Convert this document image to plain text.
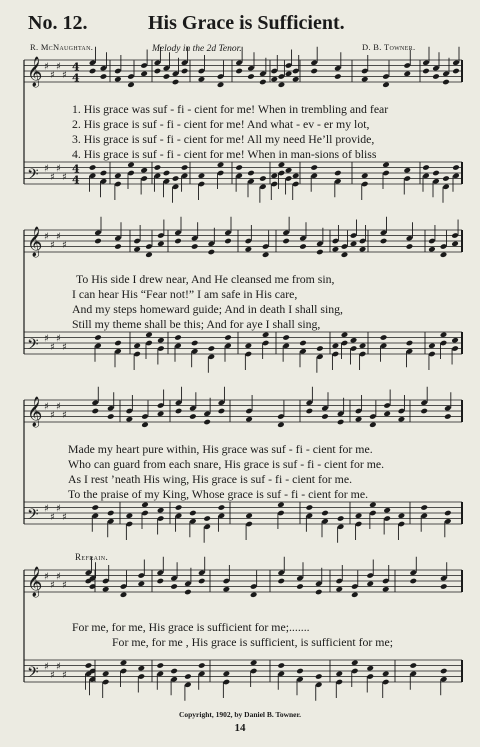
No. 12.	His Grace is Sufficient.
R. McNaughtan.	D. B. Towner.
Melody in the 2d Tenor.
𝄞 ♯
♯
♯
♯
4
4
𝄢 ♯
♯
♯
♯
4
4
𝄞 ♯
♯
♯
♯
𝄢 ♯
♯
♯
♯
𝄞 ♯
♯
♯
♯
𝄢 ♯
♯
♯
♯
𝄞 ♯
♯
♯
♯
𝄢 ♯
♯
♯
♯
1. His grace was suf - fi - cient for me! When in trembling and fear
2. His grace is suf - fi - cient for me! And what - ev - er my lot,
3. His grace is suf - fi - cient for me! All my need He’ll provide,
4. His grace is suf - fi - cient for me! When in man-sions of bliss
To His side I drew near, And He cleansed me from sin,
I can hear His “Fear not!” I am safe in His care,
And my steps homeward guide; And in death I shall sing,
Still my theme shall be this; And for aye I shall sing,
Made my heart pure within, His grace was suf - fi - cient for me.
Who can guard from each snare, His grace is suf - fi - cient for me.
As I rest ’neath His wing, His grace is suf - fi - cient for me.
To the praise of my King, Whose grace is suf - fi - cient for me.
Refrain.
For me, for me, His grace is sufficient for me;.......
For me, for me , His grace is sufficient, is sufficient for me;
Copyright, 1902, by Daniel B. Towner.
14
